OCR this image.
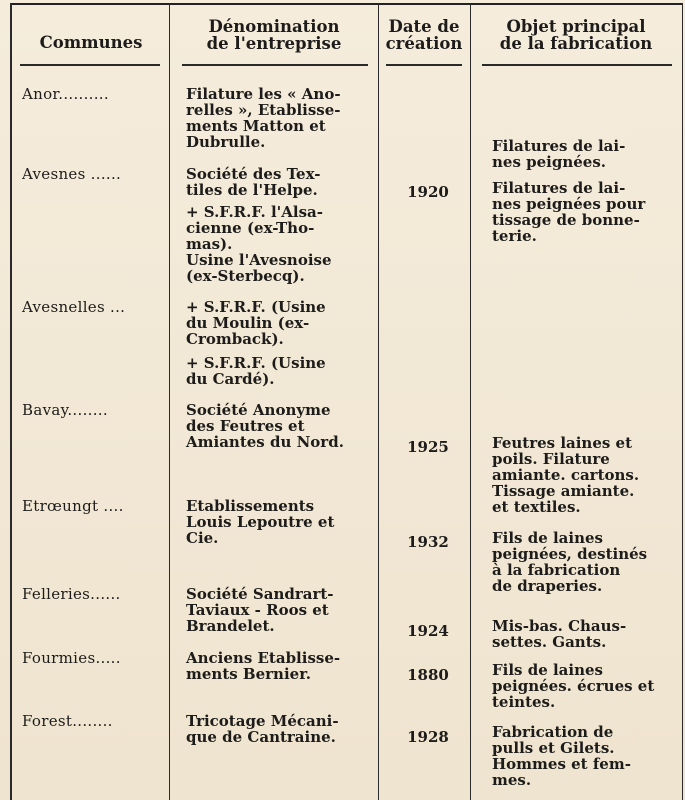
Communes
Dénomination
de l'entreprise
Date de
création
Objet principal
de la fabrication
Anor..........
Avesnes ......
Avesnelles ...
Bavay........
Etrœungt ....
Felleries......
Fourmies.....
Forest........
Filature les « Ano-
relles », Etablisse-
ments Matton et
Dubrulle.
Société des Tex-
tiles de l'Helpe.
+ S.F.R.F. l'Alsa-
cienne (ex-Tho-
mas).
Usine l'Avesnoise
(ex-Sterbecq).
+ S.F.R.F. (Usine
du Moulin (ex-
Cromback).
+ S.F.R.F. (Usine
du Cardé).
Société Anonyme
des Feutres et
Amiantes du Nord.
Etablissements
Louis Lepoutre et
Cie.
Société Sandrart-
Taviaux - Roos et
Brandelet.
Anciens Etablisse-
ments Bernier.
Tricotage Mécani-
que de Cantraine.
1920
1925
1932
1924
1880
1928
Filatures de lai-
nes peignées.
Filatures de lai-
nes peignées pour
tissage de bonne-
terie.
Feutres laines et
poils. Filature
amiante. cartons.
Tissage amiante.
et textiles.
Fils de laines
peignées, destinés
à la fabrication
de draperies.
Mis-bas. Chaus-
settes. Gants.
Fils de laines
peignées. écrues et
teintes.
Fabrication de
pulls et Gilets.
Hommes et fem-
mes.
